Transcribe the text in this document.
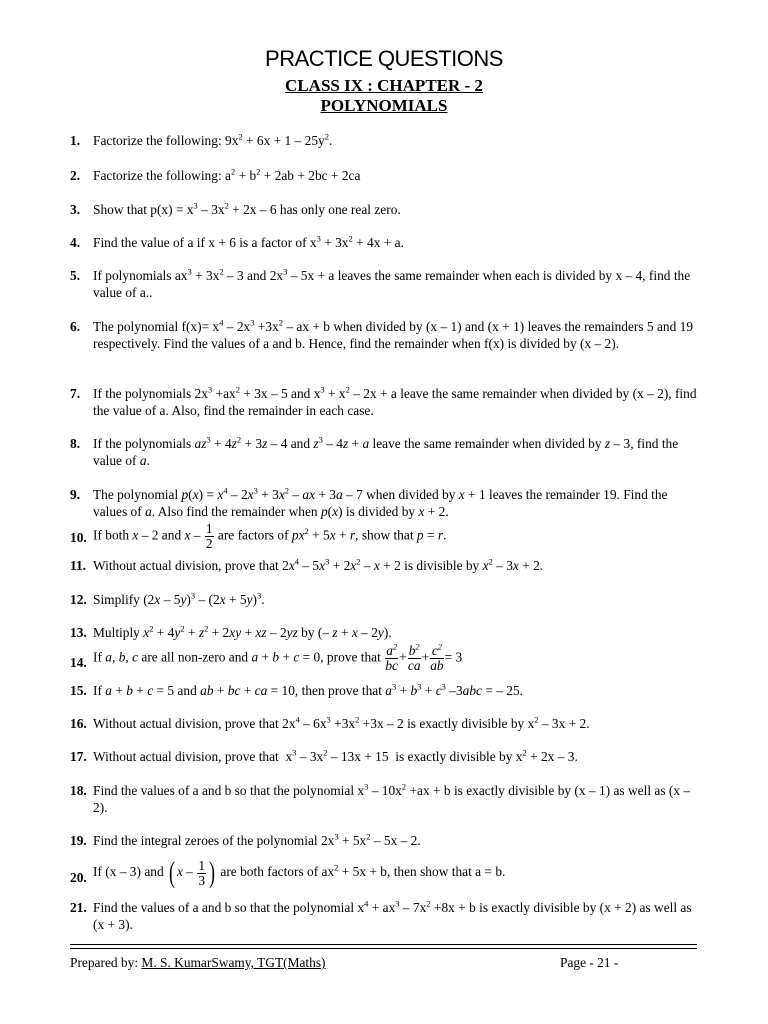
PRACTICE QUESTIONS
CLASS IX : CHAPTER - 2
POLYNOMIALS
1. Factorize the following: $9x^2 + 6x + 1 - 25y^2$.
2. Factorize the following: $a^2 + b^2 + 2ab + 2bc + 2ca$
3. Show that $p(x) = x^3 - 3x^2 + 2x - 6$ has only one real zero.
4. Find the value of a if x + 6 is a factor of $x^3 + 3x^2 + 4x + a$.
5. If polynomials $ax^3 + 3x^2 - 3$ and $2x^3 - 5x + a$ leaves the same remainder when each is divided by x – 4, find the value of a..
6. The polynomial $f(x)= x^4 - 2x^3 +3x^2$ – ax + b when divided by (x – 1) and (x + 1) leaves the remainders 5 and 19 respectively. Find the values of a and b. Hence, find the remainder when f(x) is divided by (x – 2).
7. If the polynomials $2x^3 +ax^2 + 3x - 5$ and $x^3 + x^2 - 2x + a$ leave the same remainder when divided by (x – 2), find the value of a. Also, find the remainder in each case.
8. If the polynomials $az^3 + 4z^2 + 3z - 4$ and $z^3 - 4z + a$ leave the same remainder when divided by z – 3, find the value of a.
9. The polynomial $p(x) = x^4 - 2x^3 + 3x^2$ – ax + 3a – 7 when divided by x + 1 leaves the remainder 19. Find the values of a. Also find the remainder when p(x) is divided by x + 2.
10. If both x – 2 and x – $\frac{1}{2}$ are factors of $px^2 + 5x + r$, show that p = r.
11. Without actual division, prove that $2x^4 - 5x^3 + 2x^2 - x + 2$ is divisible by $x^2 - 3x + 2$.
12. Simplify $(2x - 5y)^3 - (2x + 5y)^3$.
13. Multiply $x^2 + 4y^2 + z^2 + 2xy$ + xz – 2yz by (– z + x – 2y).
14. If a, b, c are all non-zero and a + b + c = 0, prove that $\frac{a^2}{bc} + \frac{b^2}{ca} + \frac{c^2}{ab} = 3$
15. If a + b + c = 5 and ab + bc + ca = 10, then prove that $a^3 + b^3 + c^3$ –3abc = – 25.
16. Without actual division, prove that $2x^4 - 6x^3 +3x^2 +3x - 2$ is exactly divisible by $x^2 - 3x + 2$.
17. Without actual division, prove that  $x^3 - 3x^2 - 13x + 15$  is exactly divisible by $x^2 + 2x - 3$.
18. Find the values of a and b so that the polynomial $x^3 - 10x^2 +ax + b$ is exactly divisible by (x – 1) as well as (x – 2).
19. Find the integral zeroes of the polynomial $2x^3 + 5x^2 - 5x - 2$.
20. If (x – 3) and ( x – $\frac{1}{3}$ ) are both factors of $ax^2 + 5x + b$, then show that a = b.
21. Find the values of a and b so that the polynomial $x^4 + ax^3 - 7x^2 +8x + b$ is exactly divisible by (x + 2) as well as (x + 3).
Prepared by: M. S. KumarSwamy, TGT(Maths)	Page - 21 -
